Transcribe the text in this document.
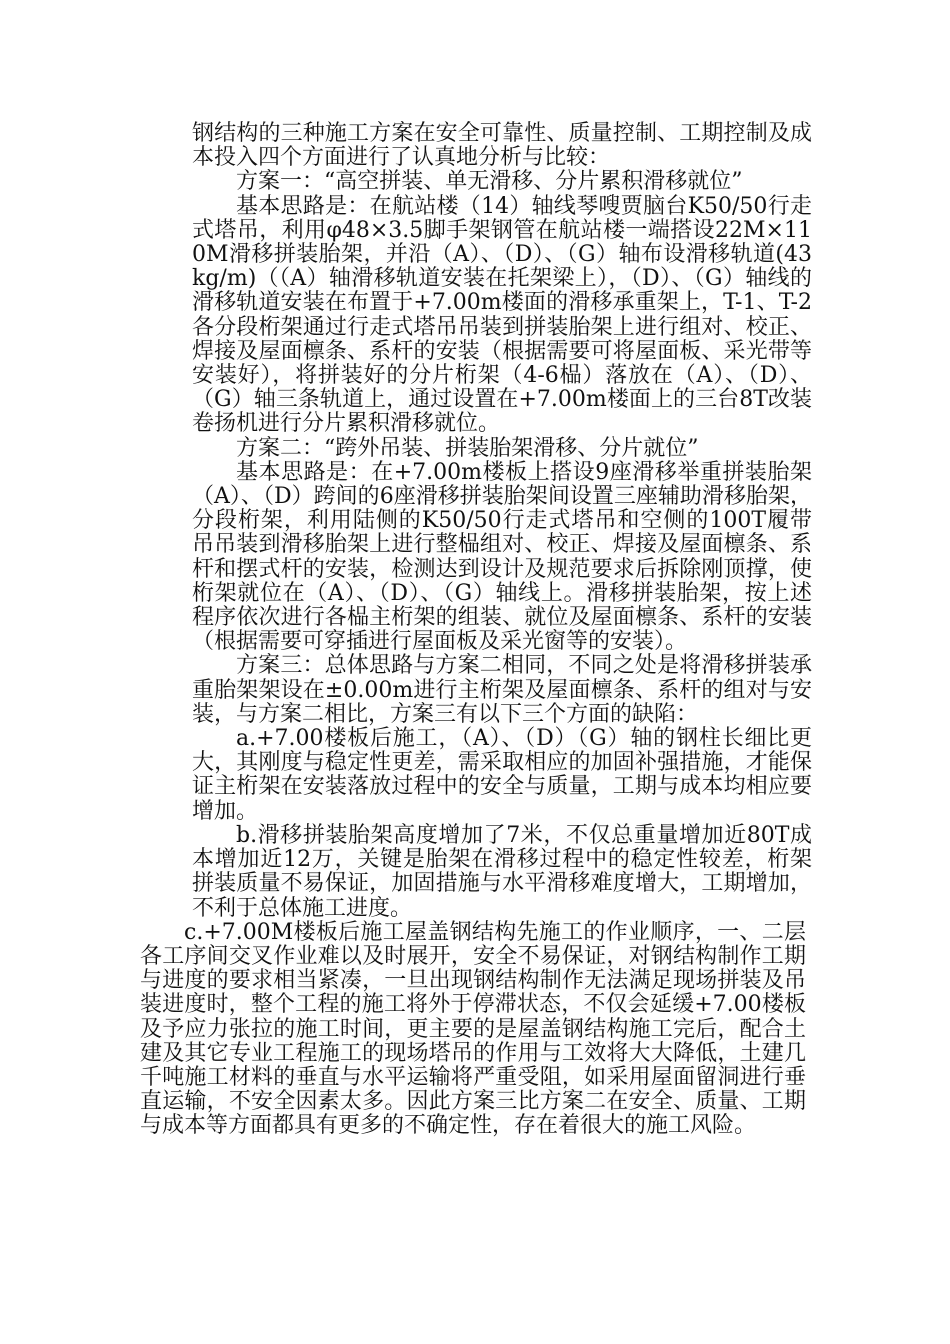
钢结构的三种施工方案在安全可靠性、质量控制、工期控制及成本投入四个方面进行了认真地分析与比较：

方案一：“高空拼装、单无滑移、分片累积滑移就位”

基本思路是：在航站楼（14）轴线琴嗖贾脑台K50/50行走式塔吊，利用φ48×3.5脚手架钢管在航站楼一端搭设22M×110M滑移拼装胎架，并沿（A）、（D）、（G）轴布设滑移轨道(43kg/m)（（A）轴滑移轨道安装在托架梁上），（D）、（G）轴线的滑移轨道安装在布置于+7.00m楼面的滑移承重架上，T-1、T-2各分段桁架通过行走式塔吊吊装到拼装胎架上进行组对、校正、焊接及屋面檩条、系杆的安装（根据需要可将屋面板、采光带等安装好），将拼装好的分片桁架（4-6榀）落放在（A）、（D）、（G）轴三条轨道上，通过设置在+7.00m楼面上的三台8T改装卷扬机进行分片累积滑移就位。

方案二：“跨外吊装、拼装胎架滑移、分片就位”

基本思路是：在+7.00m楼板上搭设9座滑移举重拼装胎架（A）、（D）跨间的6座滑移拼装胎架间设置三座辅助滑移胎架，分段桁架，利用陆侧的K50/50行走式塔吊和空侧的100T履带吊吊装到滑移胎架上进行整榀组对、校正、焊接及屋面檩条、系杆和摆式杆的安装，检测达到设计及规范要求后拆除刚顶撑，使桁架就位在（A）、（D）、（G）轴线上。滑移拼装胎架，按上述程序依次进行各榀主桁架的组装、就位及屋面檩条、系杆的安装（根据需要可穿插进行屋面板及采光窗等的安装）。

方案三：总体思路与方案二相同，不同之处是将滑移拼装承重胎架架设在±0.00m进行主桁架及屋面檩条、系杆的组对与安装，与方案二相比，方案三有以下三个方面的缺陷：

a.+7.00楼板后施工，（A）、（D）（G）轴的钢柱长细比更大，其刚度与稳定性更差，需采取相应的加固补强措施，才能保证主桁架在安装落放过程中的安全与质量，工期与成本均相应要增加。

b.滑移拼装胎架高度增加了7米，不仅总重量增加近80T成本增加近12万，关键是胎架在滑移过程中的稳定性较差，桁架拼装质量不易保证，加固措施与水平滑移难度增大，工期增加，不利于总体施工进度。

c.+7.00M楼板后施工屋盖钢结构先施工的作业顺序，一、二层各工序间交叉作业难以及时展开，安全不易保证，对钢结构制作工期与进度的要求相当紧凑，一旦出现钢结构制作无法满足现场拼装及吊装进度时，整个工程的施工将外于停滞状态，不仅会延缓+7.00楼板及予应力张拉的施工时间，更主要的是屋盖钢结构施工完后，配合土建及其它专业工程施工的现场塔吊的作用与工效将大大降低，土建几千吨施工材料的垂直与水平运输将严重受阻，如采用屋面留洞进行垂直运输，不安全因素太多。因此方案三比方案二在安全、质量、工期与成本等方面都具有更多的不确定性，存在着很大的施工风险。
